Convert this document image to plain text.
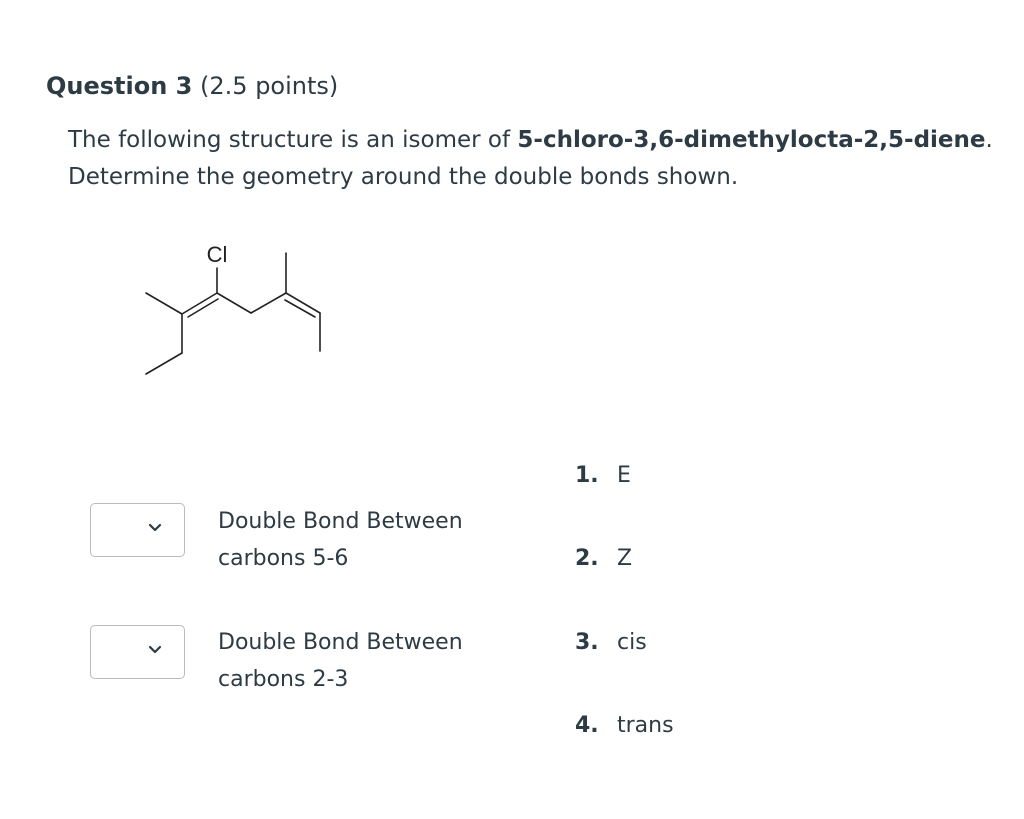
Question 3 (2.5 points)
The following structure is an isomer of 5-chloro-3,6-dimethylocta-2,5-diene.
Determine the geometry around the double bonds shown.
Cl
Double Bond Between carbons 5-6
Double Bond Between carbons 2-3
1. E
2. Z
3. cis
4. trans
